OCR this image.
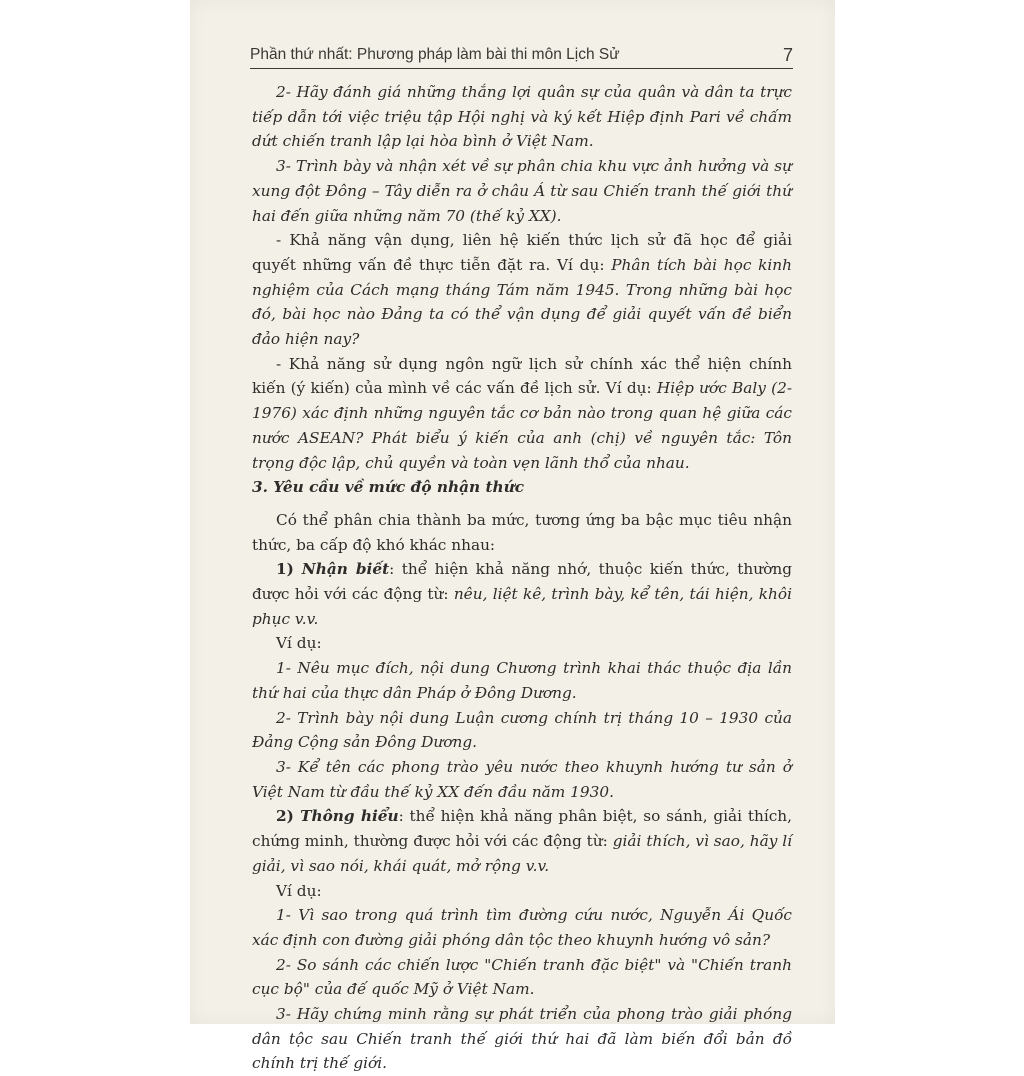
Phần thứ nhất: Phương pháp làm bài thi môn Lịch Sử	7

2- Hãy đánh giá những thắng lợi quân sự của quân và dân ta trực tiếp dẫn tới việc triệu tập Hội nghị và ký kết Hiệp định Pari về chấm dứt chiến tranh lập lại hòa bình ở Việt Nam.

3- Trình bày và nhận xét về sự phân chia khu vực ảnh hưởng và sự xung đột Đông – Tây diễn ra ở châu Á từ sau Chiến tranh thế giới thứ hai đến giữa những năm 70 (thế kỷ XX).

- Khả năng vận dụng, liên hệ kiến thức lịch sử đã học để giải quyết những vấn đề thực tiễn đặt ra. Ví dụ: Phân tích bài học kinh nghiệm của Cách mạng tháng Tám năm 1945. Trong những bài học đó, bài học nào Đảng ta có thể vận dụng để giải quyết vấn đề biển đảo hiện nay?

- Khả năng sử dụng ngôn ngữ lịch sử chính xác thể hiện chính kiến (ý kiến) của mình về các vấn đề lịch sử. Ví dụ: Hiệp ước Baly (2-1976) xác định những nguyên tắc cơ bản nào trong quan hệ giữa các nước ASEAN? Phát biểu ý kiến của anh (chị) về nguyên tắc: Tôn trọng độc lập, chủ quyền và toàn vẹn lãnh thổ của nhau.

3. Yêu cầu về mức độ nhận thức

Có thể phân chia thành ba mức, tương ứng ba bậc mục tiêu nhận thức, ba cấp độ khó khác nhau:

1) Nhận biết: thể hiện khả năng nhớ, thuộc kiến thức, thường được hỏi với các động từ: nêu, liệt kê, trình bày, kể tên, tái hiện, khôi phục v.v.

Ví dụ:

1- Nêu mục đích, nội dung Chương trình khai thác thuộc địa lần thứ hai của thực dân Pháp ở Đông Dương.

2- Trình bày nội dung Luận cương chính trị tháng 10 – 1930 của Đảng Cộng sản Đông Dương.

3- Kể tên các phong trào yêu nước theo khuynh hướng tư sản ở Việt Nam từ đầu thế kỷ XX đến đầu năm 1930.

2) Thông hiểu: thể hiện khả năng phân biệt, so sánh, giải thích, chứng minh, thường được hỏi với các động từ: giải thích, vì sao, hãy lí giải, vì sao nói, khái quát, mở rộng v.v.

Ví dụ:

1- Vì sao trong quá trình tìm đường cứu nước, Nguyễn Ái Quốc xác định con đường giải phóng dân tộc theo khuynh hướng vô sản?

2- So sánh các chiến lược "Chiến tranh đặc biệt" và "Chiến tranh cục bộ" của đế quốc Mỹ ở Việt Nam.

3- Hãy chứng minh rằng sự phát triển của phong trào giải phóng dân tộc sau Chiến tranh thế giới thứ hai đã làm biến đổi bản đồ chính trị thế giới.
